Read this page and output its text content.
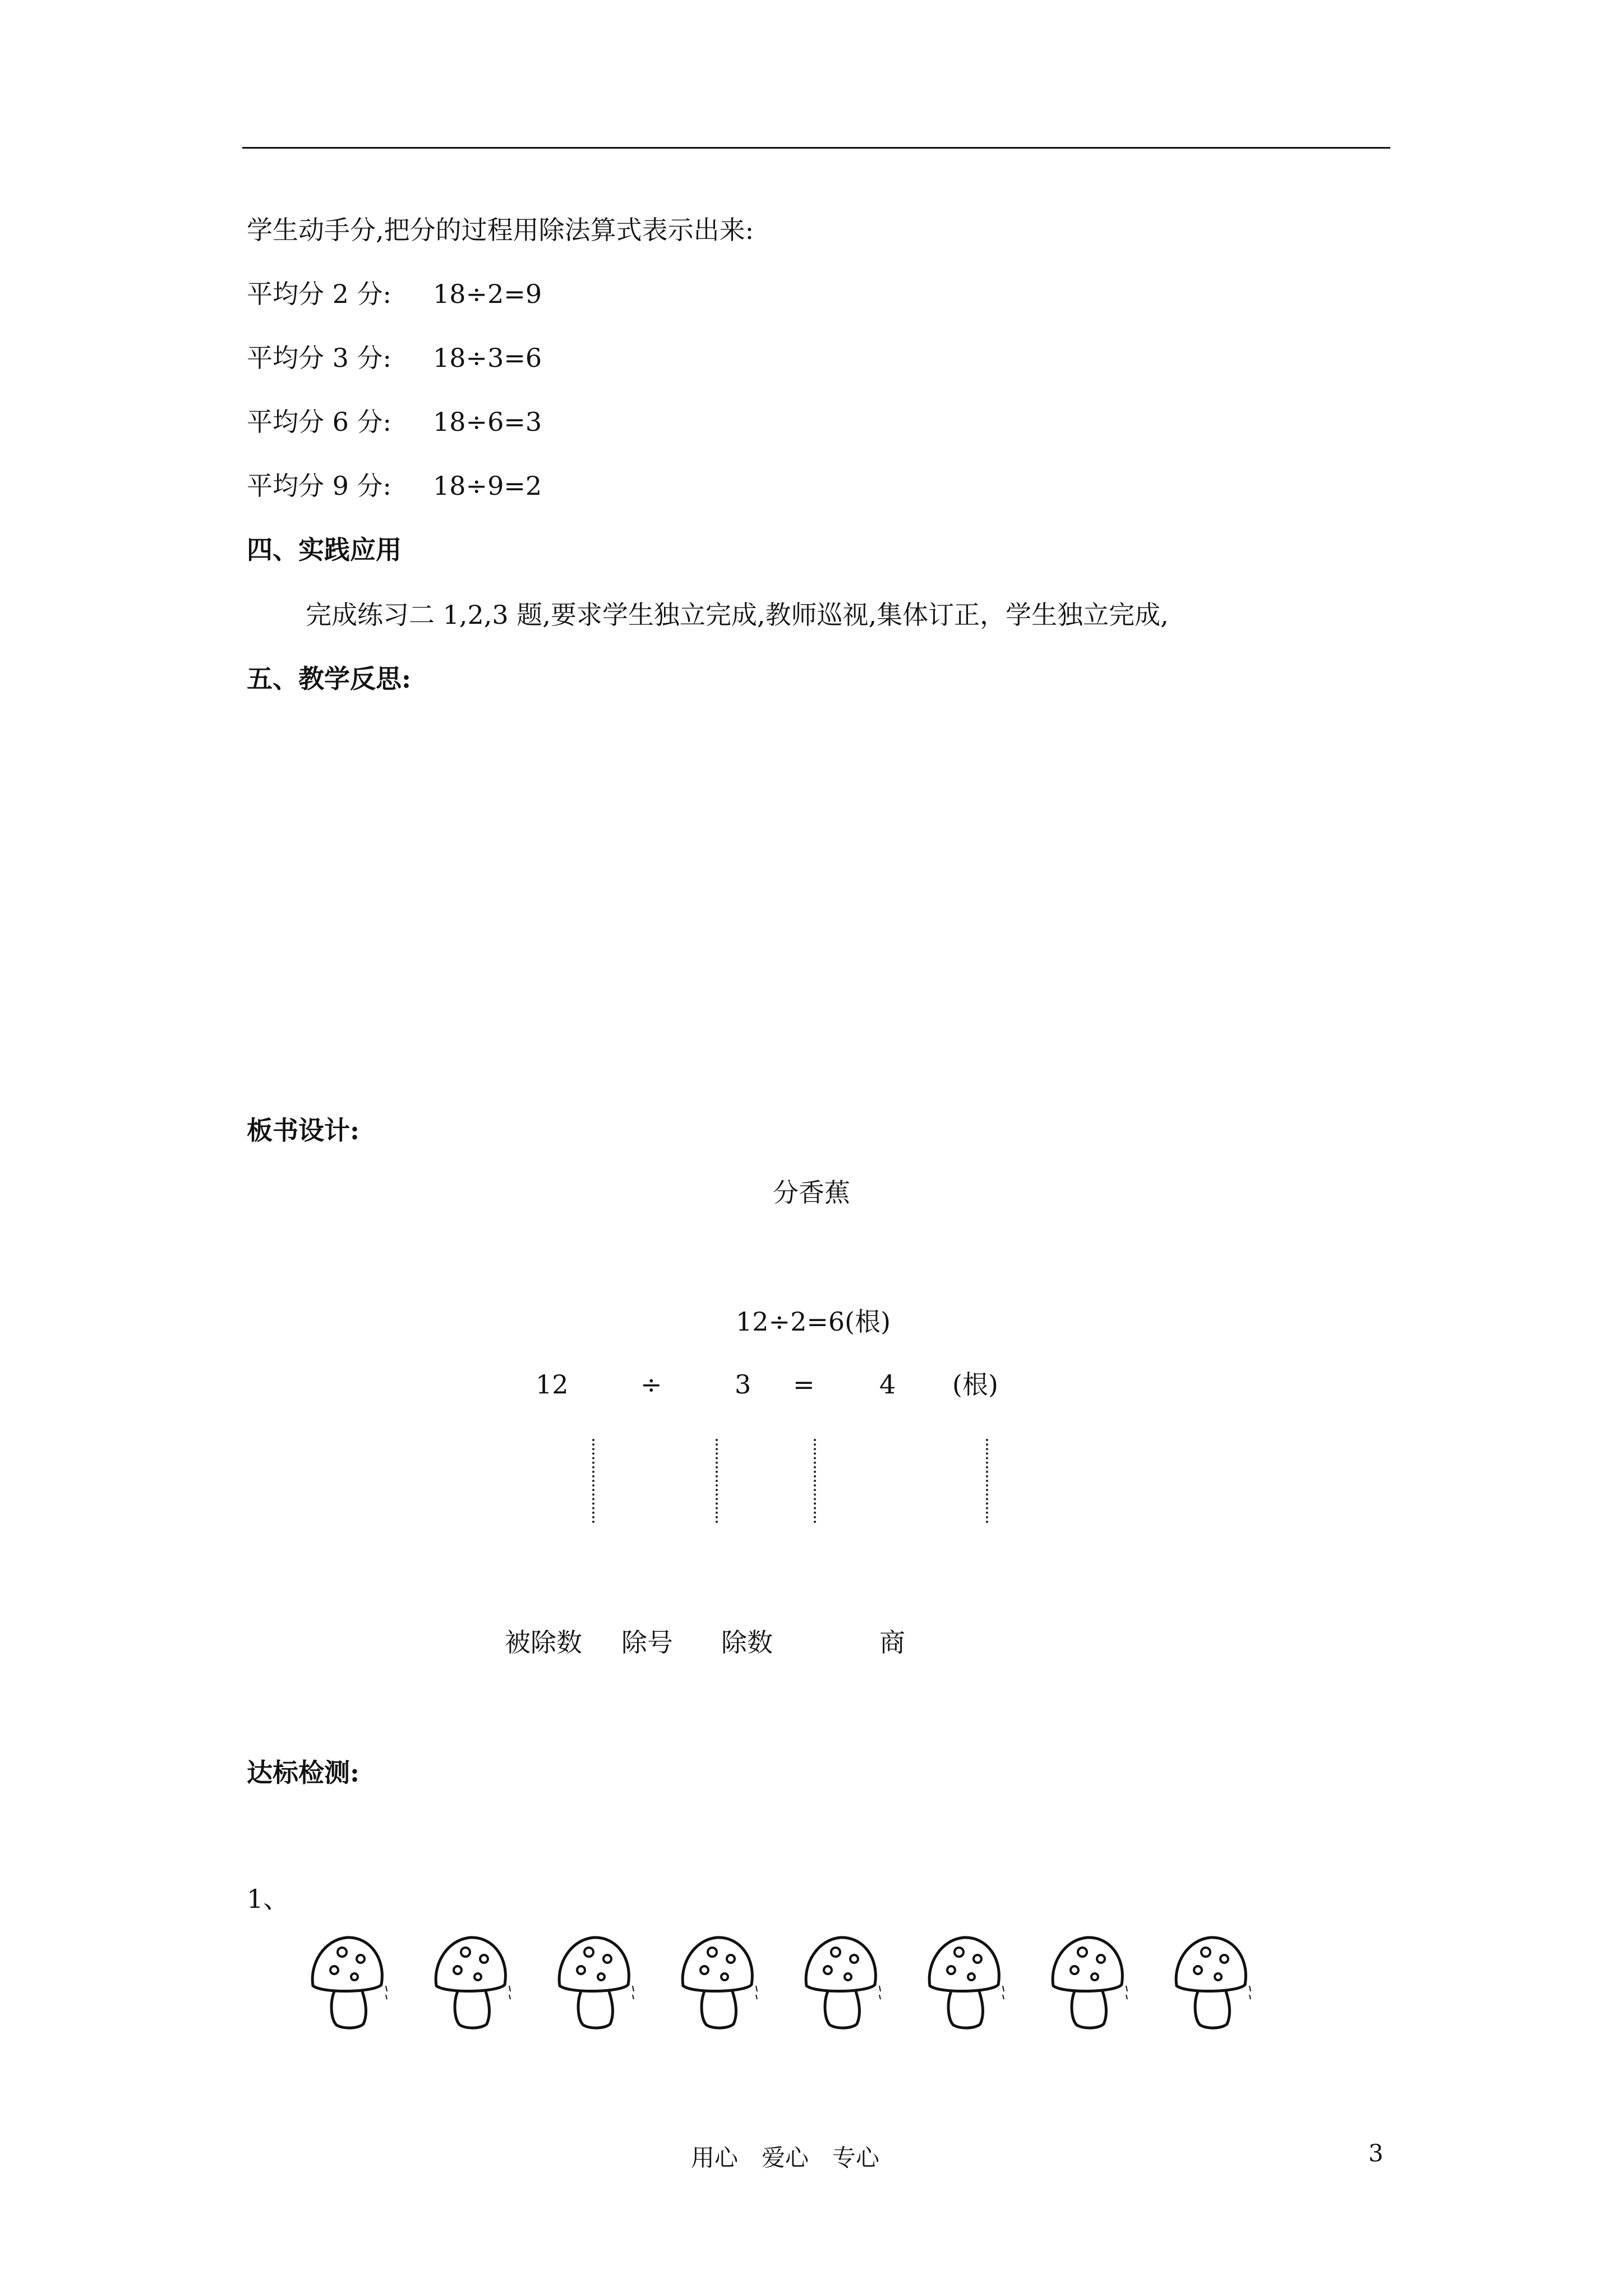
学生动手分,把分的过程用除法算式表示出来:
平均分 2 分: 18÷2=9
平均分 3 分: 18÷3=6
平均分 6 分: 18÷6=3
平均分 9 分: 18÷9=2
四、实践应用
完成练习二 1,2,3 题,要求学生独立完成,教师巡视,集体订正，学生独立完成,
五、教学反思:
板书设计:
分香蕉
12÷2=6(根)
12	÷	3 =	4 (根)
被除数 除号 除数	商
达标检测:
1、
用心　爱心　专心	3
